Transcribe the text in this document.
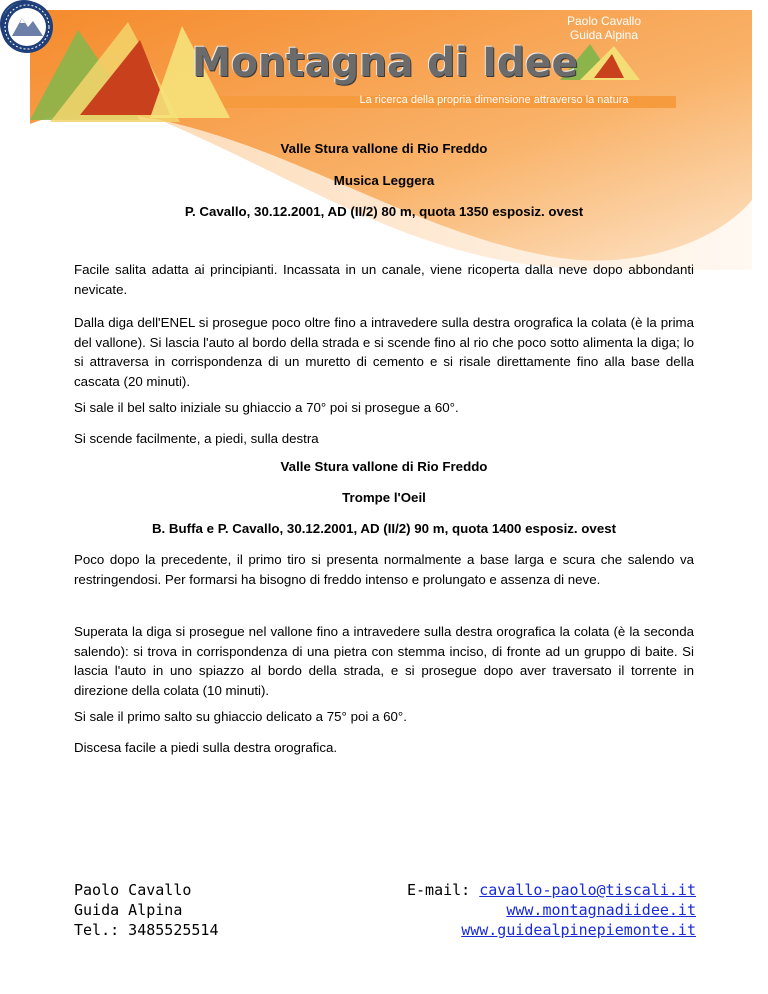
Paolo Cavallo
Guida Alpina
Montagna di Idee
La ricerca della propria dimensione attraverso la natura
Valle Stura vallone di Rio Freddo
Musica Leggera
P. Cavallo, 30.12.2001, AD (II/2) 80 m, quota 1350 esposiz. ovest

Facile salita adatta ai principianti. Incassata in un canale, viene ricoperta dalla neve dopo abbondanti nevicate.

Dalla diga dell'ENEL si prosegue poco oltre fino a intravedere sulla destra orografica la colata (è la prima del vallone). Si lascia l'auto al bordo della strada e si scende fino al rio che poco sotto alimenta la diga; lo si attraversa in corrispondenza di un muretto di cemento e si risale direttamente fino alla base della cascata (20 minuti).

Si sale il bel salto iniziale su ghiaccio a 70° poi si prosegue a 60°.

Si scende facilmente, a piedi, sulla destra

Valle Stura vallone di Rio Freddo
Trompe l'Oeil
B. Buffa e P. Cavallo, 30.12.2001, AD (II/2) 90 m, quota 1400 esposiz. ovest

Poco dopo la precedente, il primo tiro si presenta normalmente a base larga e scura che salendo va restringendosi. Per formarsi ha bisogno di freddo intenso e prolungato e assenza di neve.

Superata la diga si prosegue nel vallone fino a intravedere sulla destra orografica la colata (è la seconda salendo): si trova in corrispondenza di una pietra con stemma inciso, di fronte ad un gruppo di baite. Si lascia l'auto in uno spiazzo al bordo della strada, e si prosegue dopo aver traversato il torrente in direzione della colata (10 minuti).

Si sale il primo salto su ghiaccio delicato a 75° poi a 60°.

Discesa facile a piedi sulla destra orografica.

Paolo Cavallo
Guida Alpina
Tel.: 3485525514
E-mail: cavallo-paolo@tiscali.it
www.montagnadiidee.it
www.guidealpinepiemonte.it
